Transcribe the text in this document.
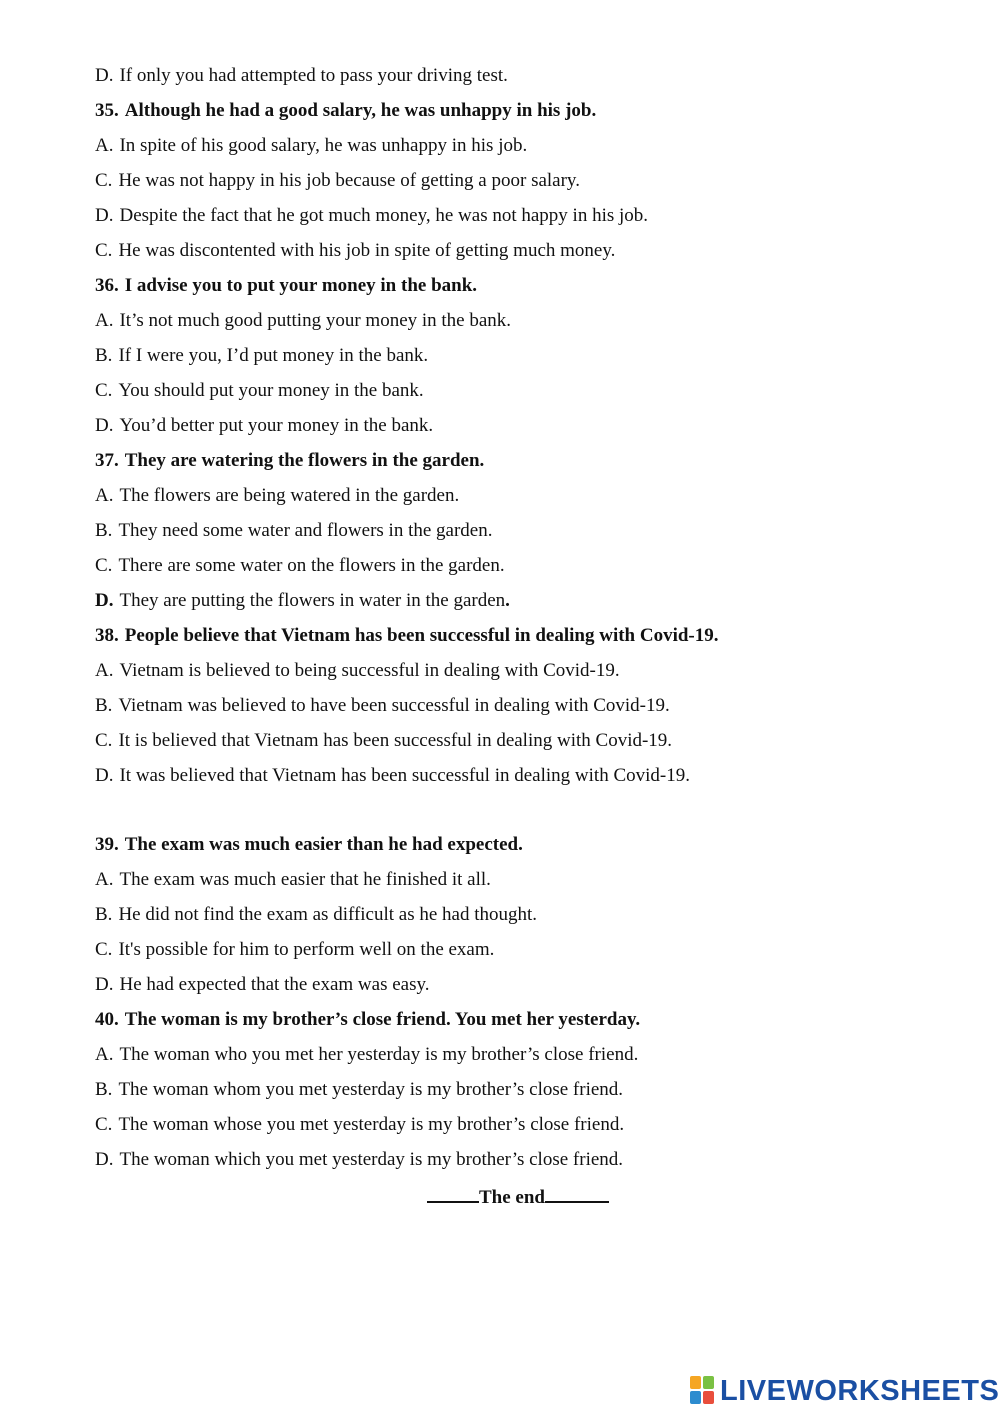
D. If only you had attempted to pass your driving test.
35. Although he had a good salary, he was unhappy in his job.
A. In spite of his good salary, he was unhappy in his job.
C. He was not happy in his job because of getting a poor salary.
D. Despite the fact that he got much money, he was not happy in his job.
C. He was discontented with his job in spite of getting much money.
36. I advise you to put your money in the bank.
A. It’s not much good putting your money in the bank.
B. If I were you, I’d put money in the bank.
C. You should put your money in the bank.
D. You’d better put your money in the bank.
37. They are watering the flowers in the garden.
A. The flowers are being watered in the garden.
B. They need some water and flowers in the garden.
C. There are some water on the flowers in the garden.
D. They are putting the flowers in water in the garden.
38. People believe that Vietnam has been successful in dealing with Covid-19.
A. Vietnam is believed to being successful in dealing with Covid-19.
B. Vietnam was believed to have been successful in dealing with Covid-19.
C. It is believed that Vietnam has been successful in dealing with Covid-19.
D. It was believed that Vietnam has been successful in dealing with Covid-19.
39. The exam was much easier than he had expected.
A. The exam was much easier that he finished it all.
B. He did not find the exam as difficult as he had thought.
C. It's possible for him to perform well on the exam.
D. He had expected that the exam was easy.
40. The woman is my brother’s close friend. You met her yesterday.
A. The woman who you met her yesterday is my brother’s close friend.
B. The woman whom you met yesterday is my brother’s close friend.
C. The woman whose you met yesterday is my brother’s close friend.
D. The woman which you met yesterday is my brother’s close friend.
The end
LIVEWORKSHEETS
